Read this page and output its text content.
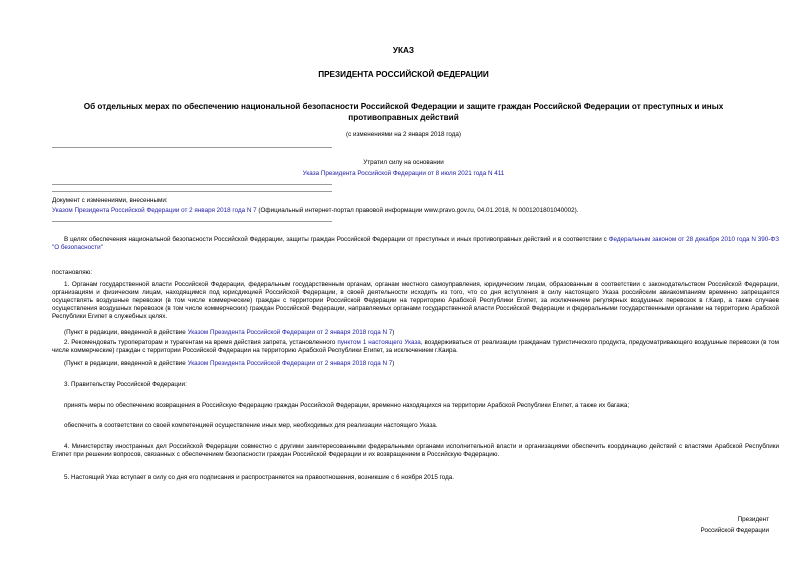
УКАЗ
ПРЕЗИДЕНТА РОССИЙСКОЙ ФЕДЕРАЦИИ
Об отдельных мерах по обеспечению национальной безопасности Российской Федерации и защите граждан Российской Федерации от преступных и иных противоправных действий
(с изменениями на 2 января 2018 года)
Утратил силу на основании
Указа Президента Российской Федерации от 8 июля 2021 года N 411
Документ с изменениями, внесенными:
Указом Президента Российской Федерации от 2 января 2018 года N 7 (Официальный интернет-портал правовой информации www.pravo.gov.ru, 04.01.2018, N 0001201801040002).
В целях обеспечения национальной безопасности Российской Федерации, защиты граждан Российской Федерации от преступных и иных противоправных действий и в соответствии с Федеральным законом от 28 декабря 2010 года N 390-ФЗ "О безопасности"
постановляю:
1. Органам государственной власти Российской Федерации, федеральным государственным органам, органам местного самоуправления, юридическим лицам, образованным в соответствии с законодательством Российской Федерации, организациям и физическим лицам, находящимся под юрисдикцией Российской Федерации, в своей деятельности исходить из того, что со дня вступления в силу настоящего Указа российским авиакомпаниям временно запрещается осуществлять воздушные перевозки (в том числе коммерческие) граждан с территории Российской Федерации на территорию Арабской Республики Египет, за исключением регулярных воздушных перевозок в г.Каир, а также случаев осуществления воздушных перевозок (в том числе коммерческих) граждан Российской Федерации, направляемых органами государственной власти Российской Федерации и федеральными государственными органами на территорию Арабской Республики Египет в служебных целях.
(Пункт в редакции, введенной в действие Указом Президента Российской Федерации от 2 января 2018 года N 7)
2. Рекомендовать туроператорам и турагентам на время действия запрета, установленного пунктом 1 настоящего Указа, воздерживаться от реализации гражданам туристического продукта, предусматривающего воздушные перевозки (в том числе коммерческие) граждан с территории Российской Федерации на территорию Арабской Республики Египет, за исключением г.Каира.
(Пункт в редакции, введенной в действие Указом Президента Российской Федерации от 2 января 2018 года N 7)
3. Правительству Российской Федерации:
принять меры по обеспечению возвращения в Российскую Федерацию граждан Российской Федерации, временно находящихся на территории Арабской Республики Египет, а также их багажа;
обеспечить в соответствии со своей компетенцией осуществление иных мер, необходимых для реализации настоящего Указа.
4. Министерству иностранных дел Российской Федерации совместно с другими заинтересованными федеральными органами исполнительной власти и организациями обеспечить координацию действий с властями Арабской Республики Египет при решении вопросов, связанных с обеспечением безопасности граждан Российской Федерации и их возвращением в Российскую Федерацию.
5. Настоящий Указ вступает в силу со дня его подписания и распространяется на правоотношения, возникшие с 6 ноября 2015 года.
Президент
Российской Федерации
